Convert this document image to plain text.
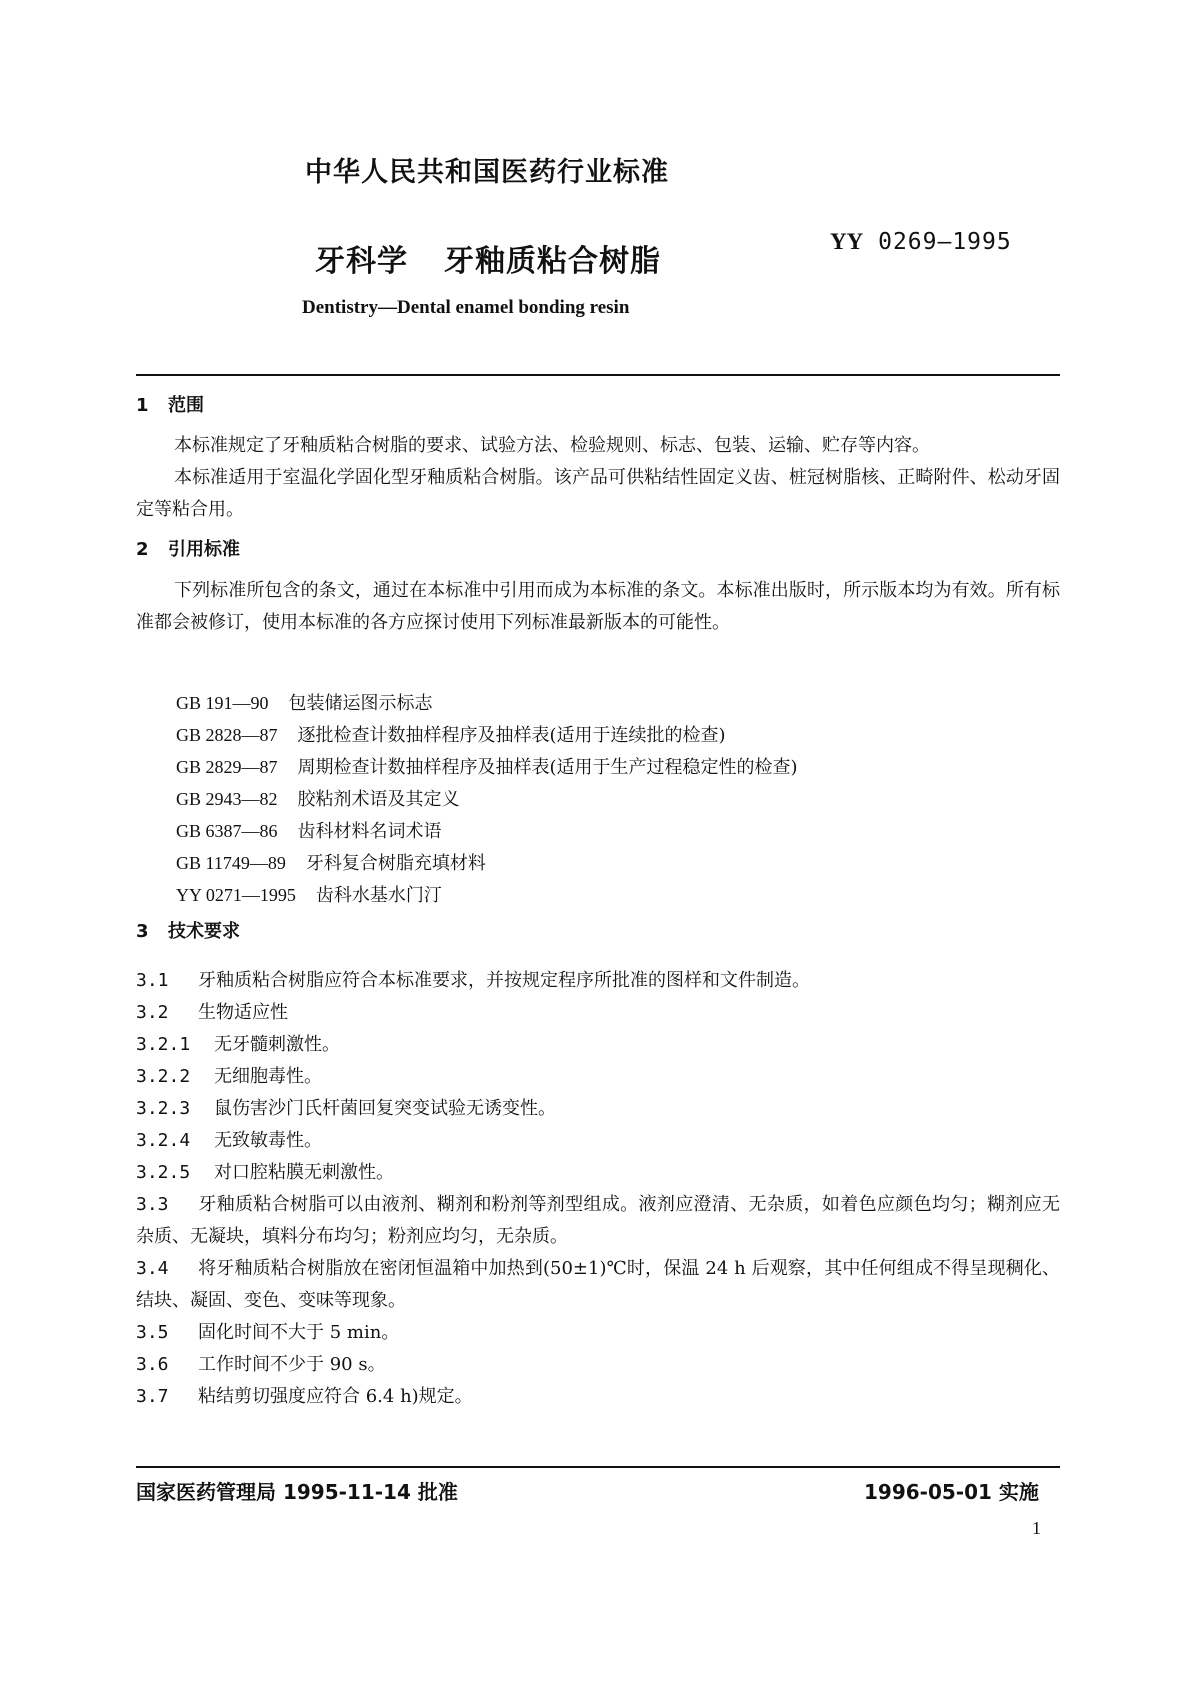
中华人民共和国医药行业标准
牙科学 牙釉质粘合树脂
YY 0269—1995
Dentistry—Dental enamel bonding resin
1 范围
本标准规定了牙釉质粘合树脂的要求、试验方法、检验规则、标志、包装、运输、贮存等内容。
本标准适用于室温化学固化型牙釉质粘合树脂。该产品可供粘结性固定义齿、桩冠树脂核、正畸附件、松动牙固定等粘合用。
2 引用标准
下列标准所包含的条文，通过在本标准中引用而成为本标准的条文。本标准出版时，所示版本均为有效。所有标准都会被修订，使用本标准的各方应探讨使用下列标准最新版本的可能性。
GB 191—90 包装储运图示标志
GB 2828—87 逐批检查计数抽样程序及抽样表(适用于连续批的检查)
GB 2829—87 周期检查计数抽样程序及抽样表(适用于生产过程稳定性的检查)
GB 2943—82 胶粘剂术语及其定义
GB 6387—86 齿科材料名词术语
GB 11749—89 牙科复合树脂充填材料
YY 0271—1995 齿科水基水门汀
3 技术要求
3.1 牙釉质粘合树脂应符合本标准要求，并按规定程序所批准的图样和文件制造。
3.2 生物适应性
3.2.1 无牙髓刺激性。
3.2.2 无细胞毒性。
3.2.3 鼠伤害沙门氏杆菌回复突变试验无诱变性。
3.2.4 无致敏毒性。
3.2.5 对口腔粘膜无刺激性。
3.3 牙釉质粘合树脂可以由液剂、糊剂和粉剂等剂型组成。液剂应澄清、无杂质，如着色应颜色均匀；糊剂应无杂质、无凝块，填料分布均匀；粉剂应均匀，无杂质。
3.4 将牙釉质粘合树脂放在密闭恒温箱中加热到(50±1)℃时，保温 24 h 后观察，其中任何组成不得呈现稠化、结块、凝固、变色、变味等现象。
3.5 固化时间不大于 5 min。
3.6 工作时间不少于 90 s。
3.7 粘结剪切强度应符合 6.4 h)规定。
国家医药管理局 1995-11-14 批准	1996-05-01 实施
1
